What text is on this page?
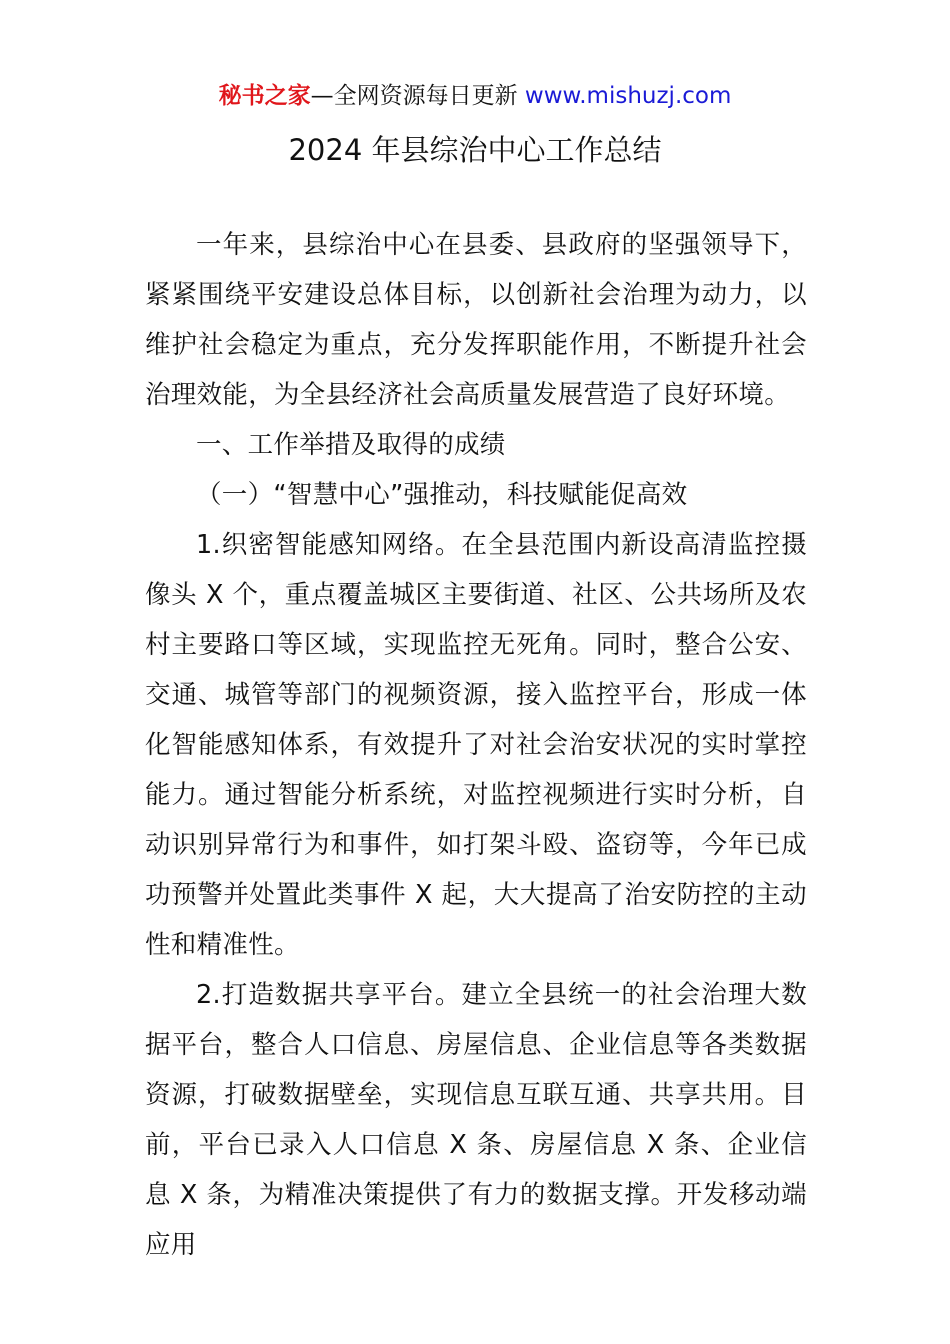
秘书之家—全网资源每日更新 www.mishuzj.com
2024 年县综治中心工作总结

一年来，县综治中心在县委、县政府的坚强领导下，紧紧围绕平安建设总体目标，以创新社会治理为动力，以维护社会稳定为重点，充分发挥职能作用，不断提升社会治理效能，为全县经济社会高质量发展营造了良好环境。

一、工作举措及取得的成绩

（一）“智慧中心”强推动，科技赋能促高效

1.织密智能感知网络。在全县范围内新设高清监控摄像头 X 个，重点覆盖城区主要街道、社区、公共场所及农村主要路口等区域，实现监控无死角。同时，整合公安、交通、城管等部门的视频资源，接入监控平台，形成一体化智能感知体系，有效提升了对社会治安状况的实时掌控能力。通过智能分析系统，对监控视频进行实时分析，自动识别异常行为和事件，如打架斗殴、盗窃等，今年已成功预警并处置此类事件 X 起，大大提高了治安防控的主动性和精准性。

2.打造数据共享平台。建立全县统一的社会治理大数据平台，整合人口信息、房屋信息、企业信息等各类数据资源，打破数据壁垒，实现信息互联互通、共享共用。目前，平台已录入人口信息 X 条、房屋信息 X 条、企业信息 X 条，为精准决策提供了有力的数据支撑。开发移动端应用
